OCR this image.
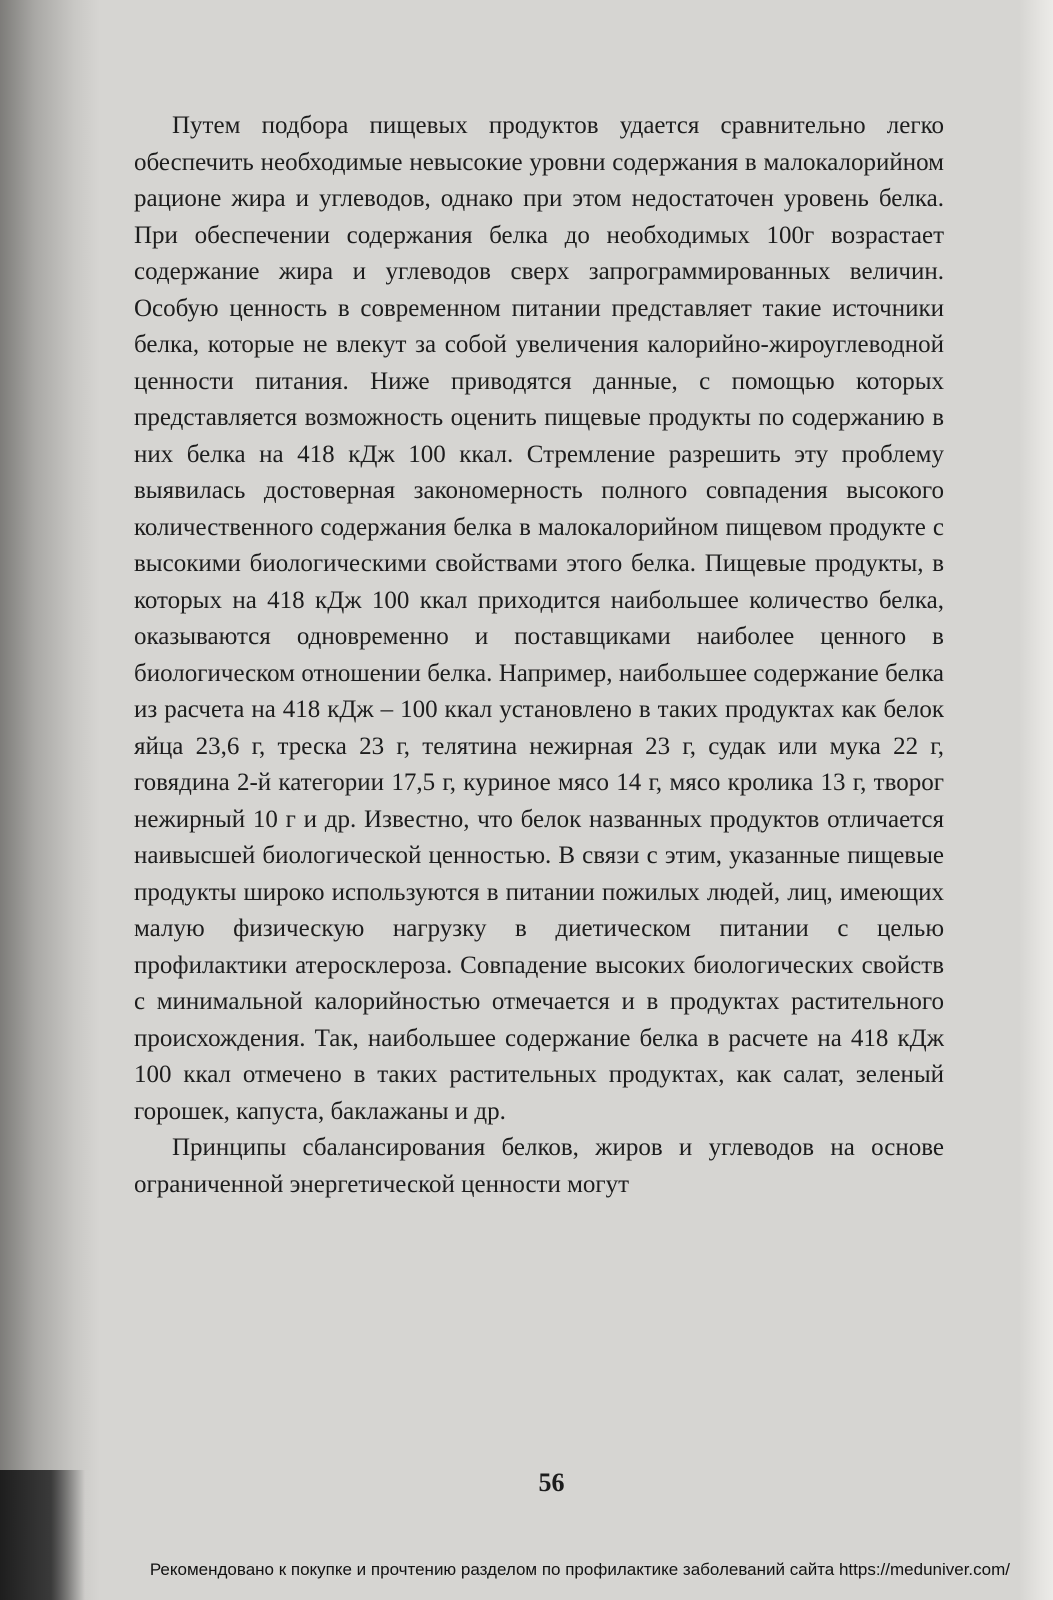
Путем подбора пищевых продуктов удается сравнительно легко обеспечить необходимые невысокие уровни содержания в малокалорийном рационе жира и углеводов, однако при этом недостаточен уровень белка. При обеспечении содержания белка до необходимых 100г возрастает содержание жира и углеводов сверх запрограммированных величин. Особую ценность в современном питании представляет такие источники белка, которые не влекут за собой увеличения калорийно-жироуглеводной ценности питания. Ниже приводятся данные, с помощью которых представляется возможность оценить пищевые продукты по содержанию в них белка на 418 кДж 100 ккал. Стремление разрешить эту проблему выявилась достоверная закономерность полного совпадения высокого количественного содержания белка в малокалорийном пищевом продукте с высокими биологическими свойствами этого белка. Пищевые продукты, в которых на 418 кДж 100 ккал приходится наибольшее количество белка, оказываются одновременно и поставщиками наиболее ценного в биологическом отношении белка. Например, наибольшее содержание белка из расчета на 418 кДж – 100 ккал установлено в таких продуктах как белок яйца 23,6 г, треска 23 г, телятина нежирная 23 г, судак или мука 22 г, говядина 2-й категории 17,5 г, куриное мясо 14 г, мясо кролика 13 г, творог нежирный 10 г и др. Известно, что белок названных продуктов отличается наивысшей биологической ценностью. В связи с этим, указанные пищевые продукты широко используются в питании пожилых людей, лиц, имеющих малую физическую нагрузку в диетическом питании с целью профилактики атеросклероза. Совпадение высоких биологических свойств с минимальной калорийностью отмечается и в продуктах растительного происхождения. Так, наибольшее содержание белка в расчете на 418 кДж 100 ккал отмечено в таких растительных продуктах, как салат, зеленый горошек, капуста, баклажаны и др.

Принципы сбалансирования белков, жиров и углеводов на основе ограниченной энергетической ценности могут

56
Рекомендовано к покупке и прочтению разделом по профилактике заболеваний сайта https://meduniver.com/
